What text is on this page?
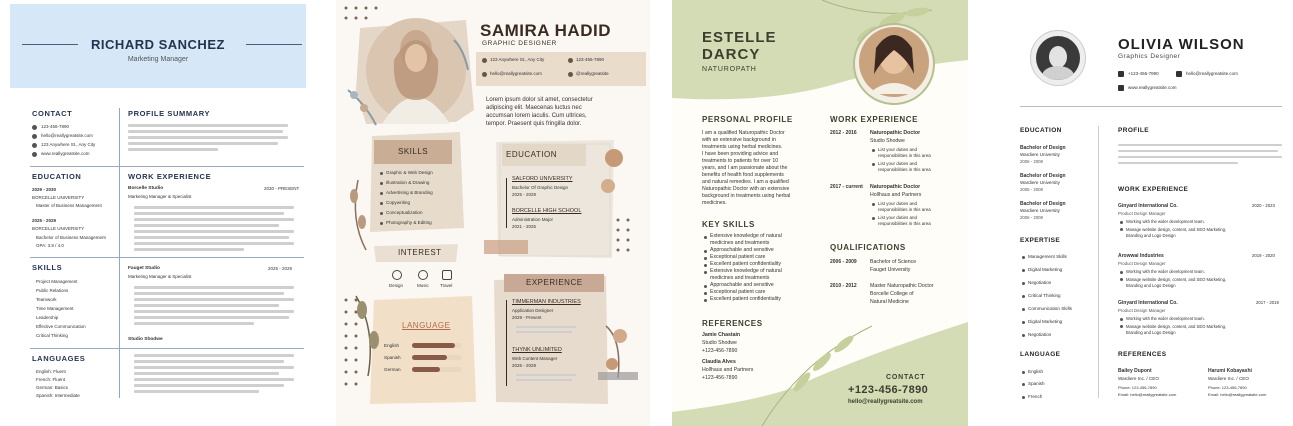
RICHARD SANCHEZ
Marketing Manager
CONTACT
123-456-7890
hello@reallygreatsite.com
123 Anywhere St., Any City
www.reallygreatsite.com
EDUCATION
2029 - 2030
BORCELLE UNIVERSITY
Master of Business Management
2025 - 2029
BORCELLE UNIVERSITY
Bachelor of Business Management
GPA: 3.8 / 4.0
SKILLS
Project Management
Public Relations
Teamwork
Time Management
Leadership
Effective Communication
Critical Thinking
LANGUAGES
English: Fluent
French: Fluent
German: Basics
Spanish: Intermediate
PROFILE SUMMARY
WORK EXPERIENCE
Borcelle Studio	2030 - PRESENT
Marketing Manager & Specialist
Fauget Studio	2025 - 2029
Marketing Manager & Specialist
Studio Shodwe
SAMIRA HADID
GRAPHIC DESIGNER
123 Anywhere St., Any City	123-456-7890
hello@reallygreatsite.com	@reallygreatsite
Lorem ipsum dolor sit amet, consectetur
adipiscing elit. Maecenas luctus nec
accumsan lorem iaculis. Cum ultrices,
tempor. Praesent quis fringilla dolor.
SKILLS
Graphic & Web Design
Illustration & Drawing
Advertising & Branding
Copywriting
Conceptualization
Photography & Editing
EDUCATION
SALFORD UNIVERSITY
Bachelor Of Graphic Design
2025 - 2029
BORCELLE HIGH SCHOOL
Administration Major
2021 - 2025
INTEREST
Design	Music Travel	EXPERIENCE
TIMMERMAN INDUSTRIES
Application Designer
2029 - Present
THYNK UNLIMITED
Web Content Manager
2026 - 2029
LANGUAGE
English
Spanish
German
ESTELLE
DARCY
NATUROPATH
PERSONAL PROFILE
I am a qualified Naturopathic Doctor
with an extensive background in
treatments using herbal medicines.
I have been providing advice and
treatments to patients for over 10
years, and I am passionate about the
benefits of health food supplements
and natural remedies. I am a qualified
Naturopathic Doctor with an extensive
background in treatments using herbal
medicines.
KEY SKILLS
Extensive knowledge of natural
medicines and treatments
Approachable and sensitive
Exceptional patient care
Excellent patient confidentiality
Extensive knowledge of natural
medicines and treatments
Approachable and sensitive
Exceptional patient care
Excellent patient confidentiality
REFERENCES
Jamie Chastain
Studio Shodwe
+123-456-7890
Claudia Alves
Hollhaus and Partners
+123-456-7890
WORK EXPERIENCE
2012 - 2016	Naturopathic Doctor
Studio Shodwe
List your duties and responsibilities in this area
List your duties and responsibilities in this area
2017 - current Naturopathic Doctor
Hollhaus and Partners
List your duties and responsibilities in this area
List your duties and responsibilities in this area
QUALIFICATIONS
2006 - 2009	Bachelor of Science
Fauget University
2010 - 2012	Master Naturopathic Doctor
Borcelle College of
Natural Medicine
CONTACT
+123-456-7890
hello@reallygreatsite.com
OLIVIA WILSON
Graphics Designer
+123-456-7890	hello@reallygreatsite.com
www.reallygreatsite.com
EDUCATION
Bachelor of Design
Wardiere University
2006 - 2008
Bachelor of Design
Wardiere University
2006 - 2008
Bachelor of Design
Wardiere University
2006 - 2008
EXPERTISE
Management Skills
Digital Marketing
Negotiation
Critical Thinking
Communication Skills
Digital Marketing
Negotiation
LANGUAGE
English
Spanish
French
PROFILE
WORK EXPERIENCE
Ginyard International Co.	2020 - 2023
Product Design Manager
Working with the wider development team.
Manage website design, content, and SEO Marketing, Branding and Logo Design
Arowwai Industries	2019 - 2020
Product Design Manager
Working with the wider development team.
Manage website design, content, and SEO Marketing, Branding and Logo Design
Ginyard International Co.	2017 - 2019
Product Design Manager
Working with the wider development team.
Manage website design, content, and SEO Marketing, Branding and Logo Design
REFERENCES
Bailey Dupont
Wardiere Inc. / CEO
Phone: 123-456-7890
Email: hello@reallygreatsite.com
Harumi Kobayashi
Wardiere Inc. / CEO
Phone: 123-456-7890
Email: hello@reallygreatsite.com
